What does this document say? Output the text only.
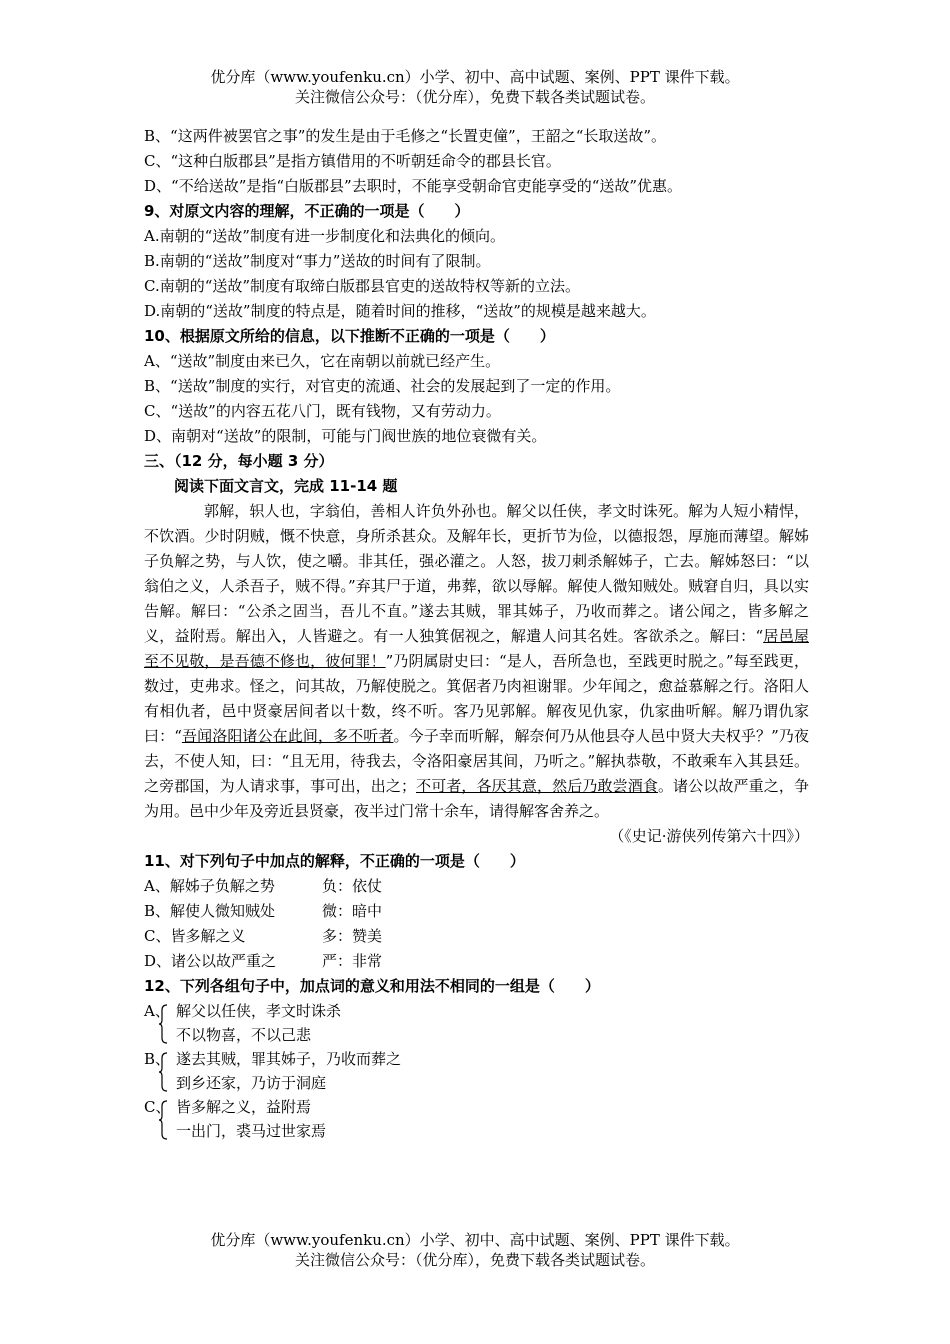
优分库（www.youfenku.cn）小学、初中、高中试题、案例、PPT 课件下载。
关注微信公众号：（优分库），免费下载各类试题试卷。
B、“这两件被罢官之事”的发生是由于毛修之“长置吏僮”，王韶之“长取送故”。
C、“这种白版郡县”是指方镇借用的不听朝廷命令的郡县长官。
D、“不给送故”是指“白版郡县”去职时，不能享受朝命官吏能享受的“送故”优惠。
9、对原文内容的理解，不正确的一项是（　　）
A.南朝的“送故”制度有进一步制度化和法典化的倾向。
B.南朝的“送故”制度对“事力”送故的时间有了限制。
C.南朝的“送故”制度有取缔白版郡县官吏的送故特权等新的立法。
D.南朝的“送故”制度的特点是，随着时间的推移，“送故”的规模是越来越大。
10、根据原文所给的信息，以下推断不正确的一项是（　　）
A、“送故”制度由来已久，它在南朝以前就已经产生。
B、“送故”制度的实行，对官吏的流通、社会的发展起到了一定的作用。
C、“送故”的内容五花八门，既有钱物，又有劳动力。
D、南朝对“送故”的限制，可能与门阀世族的地位衰微有关。
三、（12 分，每小题 3 分）
阅读下面文言文，完成 11-14 题
郭解，轵人也，字翁伯，善相人许负外孙也。解父以任侠，孝文时诛死。解为人短小精悍，不饮酒。少时阴贼，慨不快意，身所杀甚众。及解年长，更折节为俭，以德报怨，厚施而薄望。解姊子负解之势，与人饮，使之嚼。非其任，强必灌之。人怒，拔刀刺杀解姊子，亡去。解姊怒曰：“以翁伯之义，人杀吾子，贼不得。”弃其尸于道，弗葬，欲以辱解。解使人微知贼处。贼窘自归，具以实告解。解曰：“公杀之固当，吾儿不直。”遂去其贼，罪其姊子，乃收而葬之。诸公闻之，皆多解之义，益附焉。解出入，人皆避之。有一人独箕倨视之，解遣人问其名姓。客欲杀之。解曰：“居邑屋至不见敬，是吾德不修也，彼何罪！”乃阴属尉史曰：“是人，吾所急也，至践更时脱之。”每至践更，数过，吏弗求。怪之，问其故，乃解使脱之。箕倨者乃肉袒谢罪。少年闻之，愈益慕解之行。洛阳人有相仇者，邑中贤豪居间者以十数，终不听。客乃见郭解。解夜见仇家，仇家曲听解。解乃谓仇家曰：“吾闻洛阳诸公在此间，多不听者。今子幸而听解，解奈何乃从他县夺人邑中贤大夫权乎？”乃夜去，不使人知，曰：“且无用，待我去，令洛阳豪居其间，乃听之。”解执恭敬，不敢乘车入其县廷。之旁郡国，为人请求事，事可出，出之；不可者，各厌其意，然后乃敢尝酒食。诸公以故严重之，争为用。邑中少年及旁近县贤豪，夜半过门常十余车，请得解客舍养之。
（《史记·游侠列传第六十四》）
11、对下列句子中加点的解释，不正确的一项是（　　）
A、解姊子负解之势	负：依仗
B、解使人微知贼处	微：暗中
C、皆多解之义	多：赞美
D、诸公以故严重之	严：非常
12、下列各组句子中，加点词的意义和用法不相同的一组是（　　）
A、 解父以任侠，孝文时诛杀
不以物喜，不以己悲
B、 遂去其贼，罪其姊子，乃收而葬之
到乡还家，乃访于洞庭
C、 皆多解之义，益附焉
一出门，裘马过世家焉
优分库（www.youfenku.cn）小学、初中、高中试题、案例、PPT 课件下载。
关注微信公众号：（优分库），免费下载各类试题试卷。
